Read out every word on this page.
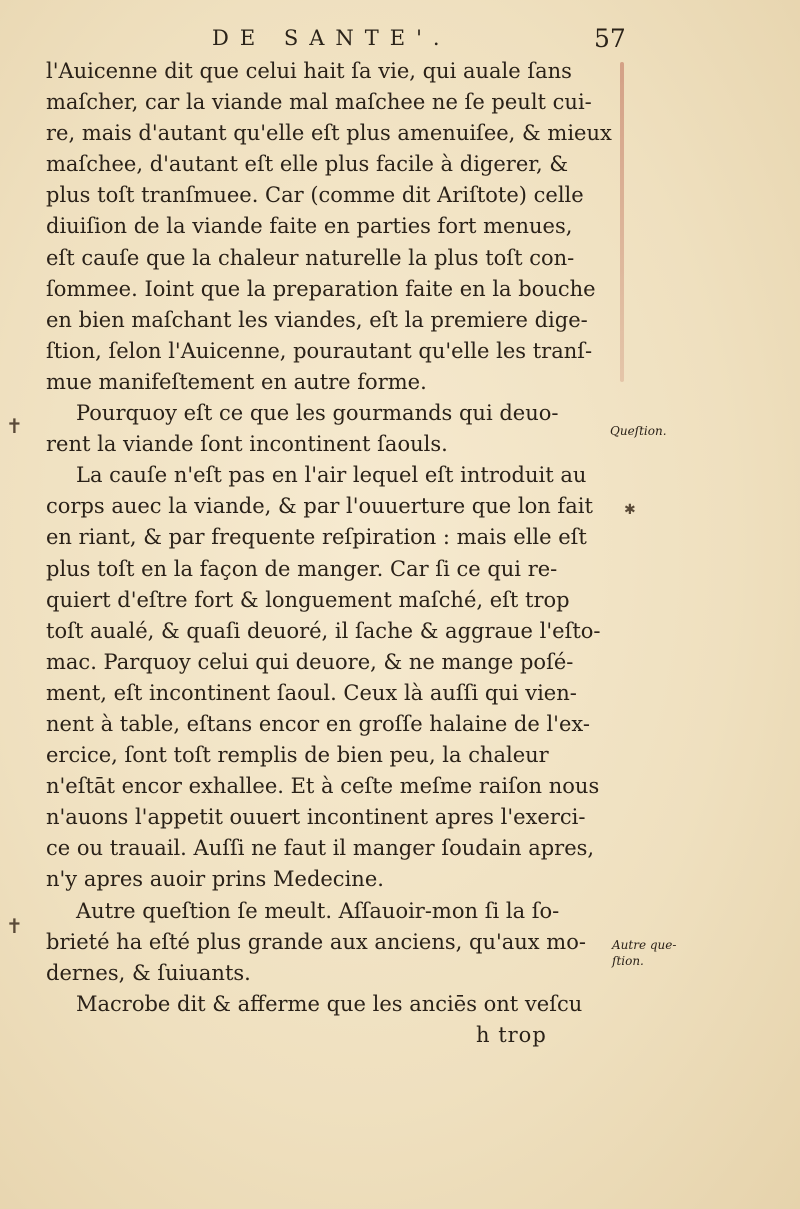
DE SANTE'.	57
l'Auicenne dit que celui hait ſa vie, qui auale ſans
maſcher, car la viande mal maſchee ne ſe peult cui-
re, mais d'autant qu'elle eſt plus amenuiſee, & mieux
maſchee, d'autant eſt elle plus facile à digerer, &
plus toſt tranſmuee. Car (comme dit Ariſtote) celle
diuiſion de la viande faite en parties fort menues,
eſt cauſe que la chaleur naturelle la plus toſt con-
ſommee. Ioint que la preparation faite en la bouche
en bien maſchant les viandes, eſt la premiere dige-
ſtion, ſelon l'Auicenne, pourautant qu'elle les tranſ-
mue manifeſtement en autre forme.
Pourquoy eſt ce que les gourmands qui deuo-
rent la viande ſont incontinent ſaouls.
La cauſe n'eſt pas en l'air lequel eſt introduit au
corps auec la viande, & par l'ouuerture que lon fait
en riant, & par frequente reſpiration : mais elle eſt
plus toſt en la façon de manger. Car ſi ce qui re-
quiert d'eſtre fort & longuement maſché, eſt trop
toſt aualé, & quaſi deuoré, il ſache & aggraue l'eſto-
mac. Parquoy celui qui deuore, & ne mange poſé-
ment, eſt incontinent ſaoul. Ceux là auſſi qui vien-
nent à table, eſtans encor en groſſe halaine de l'ex-
ercice, ſont toſt remplis de bien peu, la chaleur
n'eſtāt encor exhallee. Et à ceſte meſme raiſon nous
n'auons l'appetit ouuert incontinent apres l'exerci-
ce ou trauail. Auſſi ne faut il manger ſoudain apres,
n'y apres auoir prins Medecine.
Autre queſtion ſe meult. Aſſauoir-mon ſi la ſo-
brieté ha eſté plus grande aux anciens, qu'aux mo-
dernes, & ſuiuants.
Macrobe dit & afferme que les anciēs ont veſcu
h trop
Queſtion.
Autre que-
ſtion.
✝
✝
✱
